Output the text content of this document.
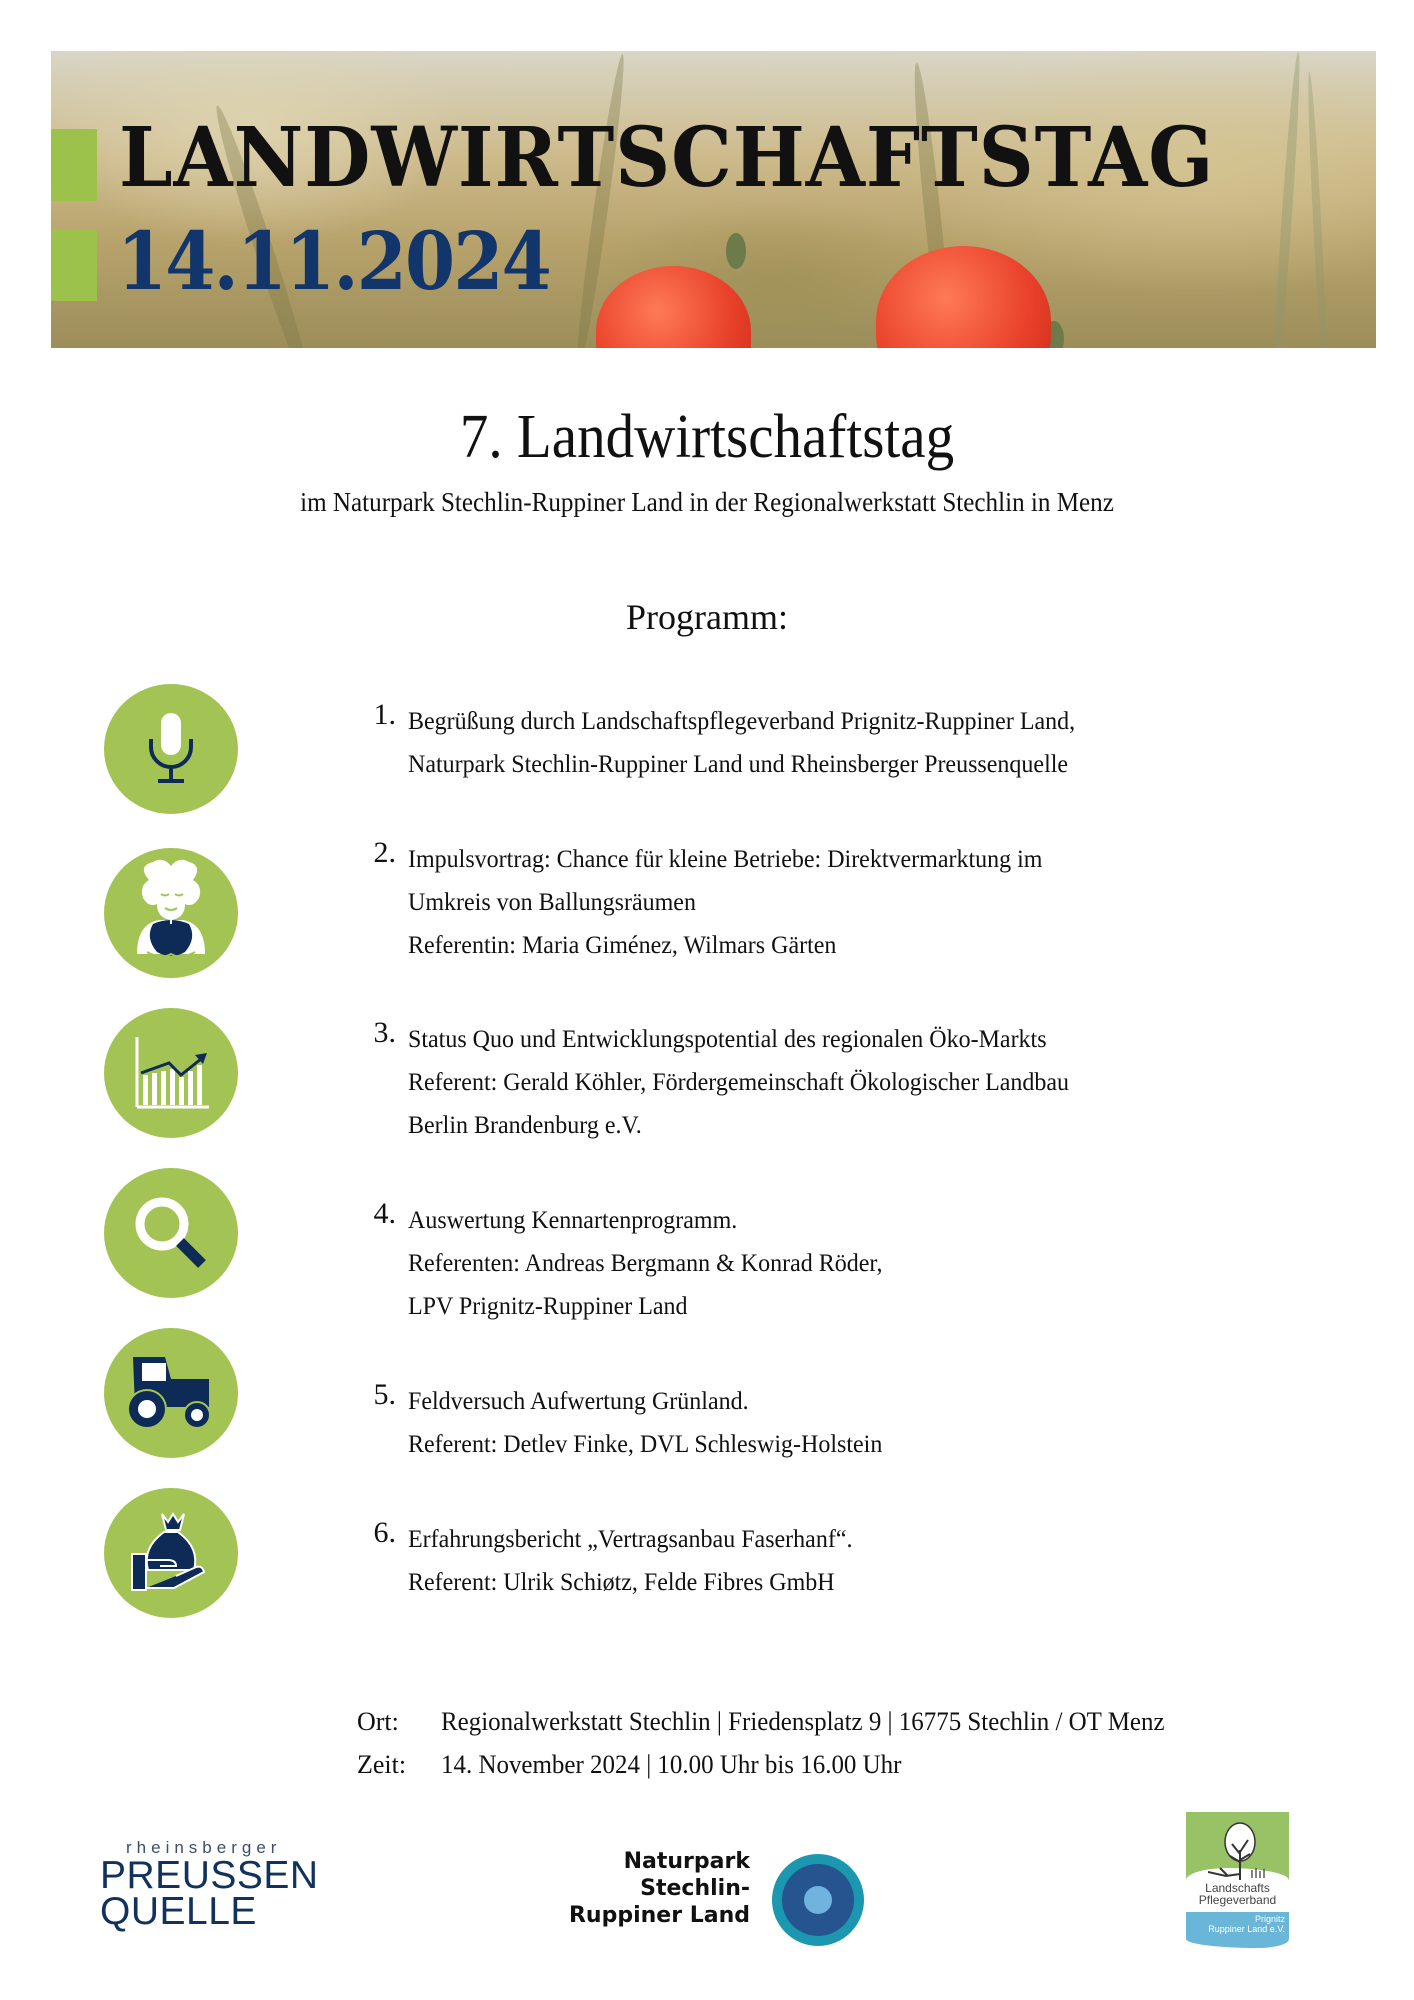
LANDWIRTSCHAFTSTAG
14.11.2024
7. Landwirtschaftstag
im Naturpark Stechlin-Ruppiner Land in der Regionalwerkstatt Stechlin in Menz
Programm:
1. Begrüßung durch Landschaftspflegeverband Prignitz-Ruppiner Land,
Naturpark Stechlin-Ruppiner Land und Rheinsberger Preussenquelle
2. Impulsvortrag: Chance für kleine Betriebe: Direktvermarktung im
Umkreis von Ballungsräumen
Referentin: Maria Giménez, Wilmars Gärten
3. Status Quo und Entwicklungspotential des regionalen Öko-Markts
Referent: Gerald Köhler, Fördergemeinschaft Ökologischer Landbau
Berlin Brandenburg e.V.
4. Auswertung Kennartenprogramm.
Referenten: Andreas Bergmann & Konrad Röder,
LPV Prignitz-Ruppiner Land
5. Feldversuch Aufwertung Grünland.
Referent: Detlev Finke, DVL Schleswig-Holstein
6. Erfahrungsbericht „Vertragsanbau Faserhanf“.
Referent: Ulrik Schiøtz, Felde Fibres GmbH
Ort:	Regionalwerkstatt Stechlin | Friedensplatz 9 | 16775 Stechlin / OT Menz
Zeit:	14. November 2024 | 10.00 Uhr bis 16.00 Uhr
rheinsberger
PREUSSEN
QUELLE
Naturpark
Stechlin-
Ruppiner Land
Landschafts
Pflegeverband
Prignitz
Ruppiner Land e.V.
